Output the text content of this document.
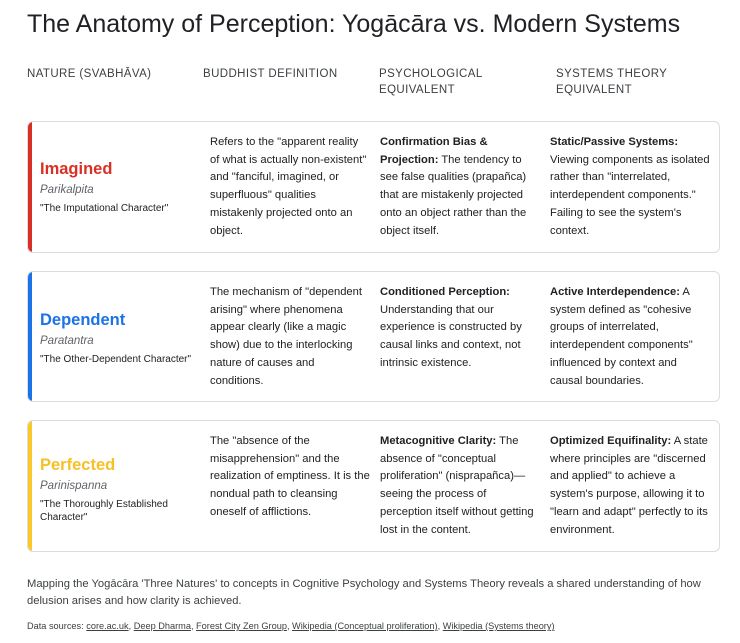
The Anatomy of Perception: Yogācāra vs. Modern Systems
NATURE (SVABHĀVA)	BUDDHIST DEFINITION	PSYCHOLOGICAL EQUIVALENT
SYSTEMS THEORY EQUIVALENT
Imagined
Parikalpita
"The Imputational Character"
Refers to the "apparent reality of what is actually non-existent" and "fanciful, imagined, or superfluous" qualities mistakenly projected onto an object.
Confirmation Bias & Projection: The tendency to see false qualities (prapañca) that are mistakenly projected onto an object rather than the object itself.
Static/Passive Systems: Viewing components as isolated rather than "interrelated, interdependent components." Failing to see the system's context.
Dependent
Paratantra
"The Other-Dependent Character"
The mechanism of "dependent arising" where phenomena appear clearly (like a magic show) due to the interlocking nature of causes and conditions.
Conditioned Perception: Understanding that our experience is constructed by causal links and context, not intrinsic existence.
Active Interdependence: A system defined as "cohesive groups of interrelated, interdependent components" influenced by context and causal boundaries.
Perfected
Parinispanna
"The Thoroughly Established Character"
The "absence of the misapprehension" and the realization of emptiness. It is the nondual path to cleansing oneself of afflictions.
Metacognitive Clarity: The absence of "conceptual proliferation" (nisprapañca)—seeing the process of perception itself without getting lost in the content.
Optimized Equifinality: A state where principles are "discerned and applied" to achieve a system's purpose, allowing it to "learn and adapt" perfectly to its environment.

Mapping the Yogācāra 'Three Natures' to concepts in Cognitive Psychology and Systems Theory reveals a shared understanding of how delusion arises and how clarity is achieved.

Data sources: core.ac.uk, Deep Dharma, Forest City Zen Group, Wikipedia (Conceptual proliferation), Wikipedia (Systems theory)
